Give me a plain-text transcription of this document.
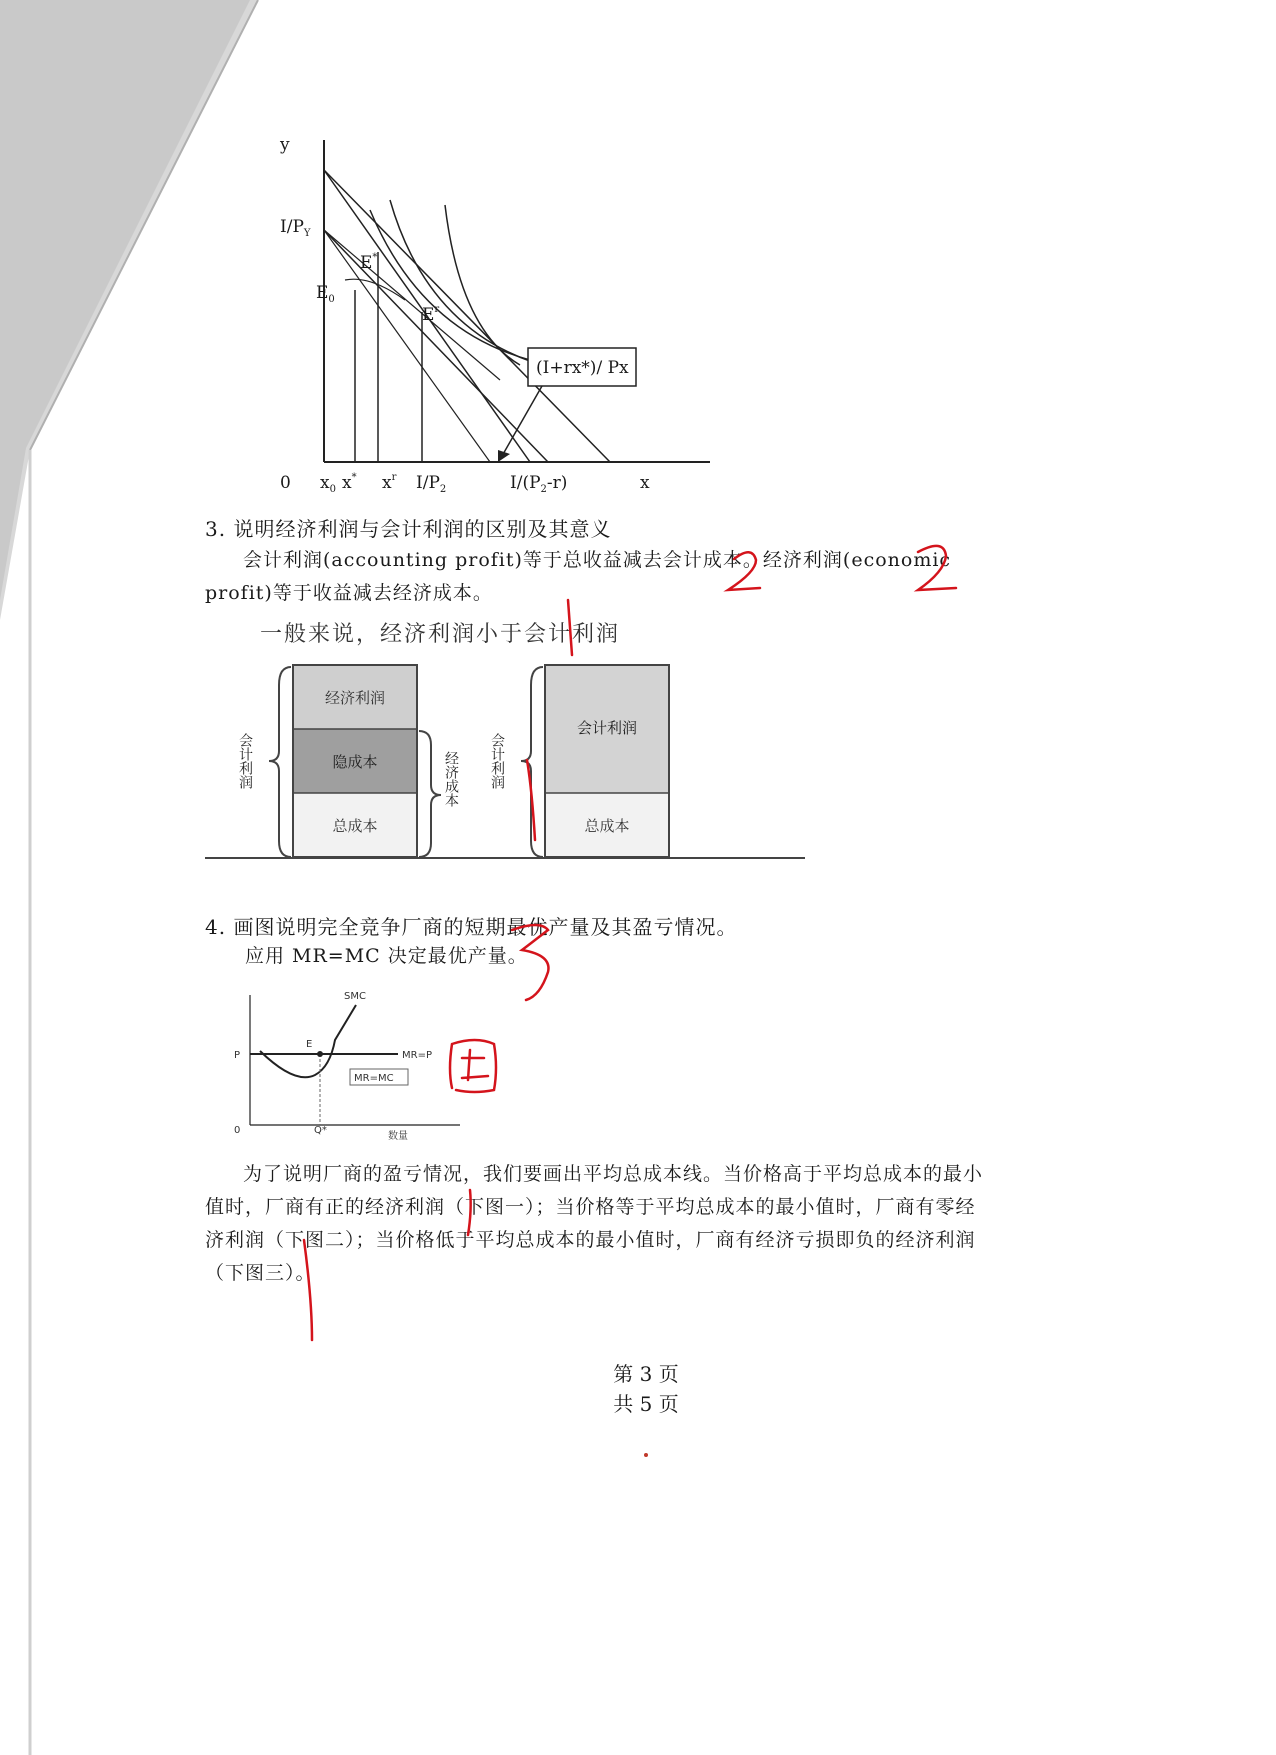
(I+rx*)/ Px
y
$I/P_Y$
$E_0$
E*
$E^r$
0 $x_0$ x* $x^r$ $I/P_2$	$I/(P_2-r)$	x
3. 说明经济利润与会计利润的区别及其意义
会计利润(accounting profit)等于总收益减去会计成本。经济利润(economic profit)等于收益减去经济成本。
一般来说，经济利润小于会计利润
经济利润
隐成本
总成本
会计利润	经济成本
会计利润
总成本
会计利润
4. 画图说明完全竞争厂商的短期最优产量及其盈亏情况。
应用 MR=MC 决定最优产量。
MR=MC
SMC
E
P	MR=P
0	Q*
数量
为了说明厂商的盈亏情况，我们要画出平均总成本线。当价格高于平均总成本的最小值时，厂商有正的经济利润（下图一）；当价格等于平均总成本的最小值时，厂商有零经济利润（下图二）；当价格低于平均总成本的最小值时，厂商有经济亏损即负的经济利润（下图三）。
第 3 页
共 5 页
